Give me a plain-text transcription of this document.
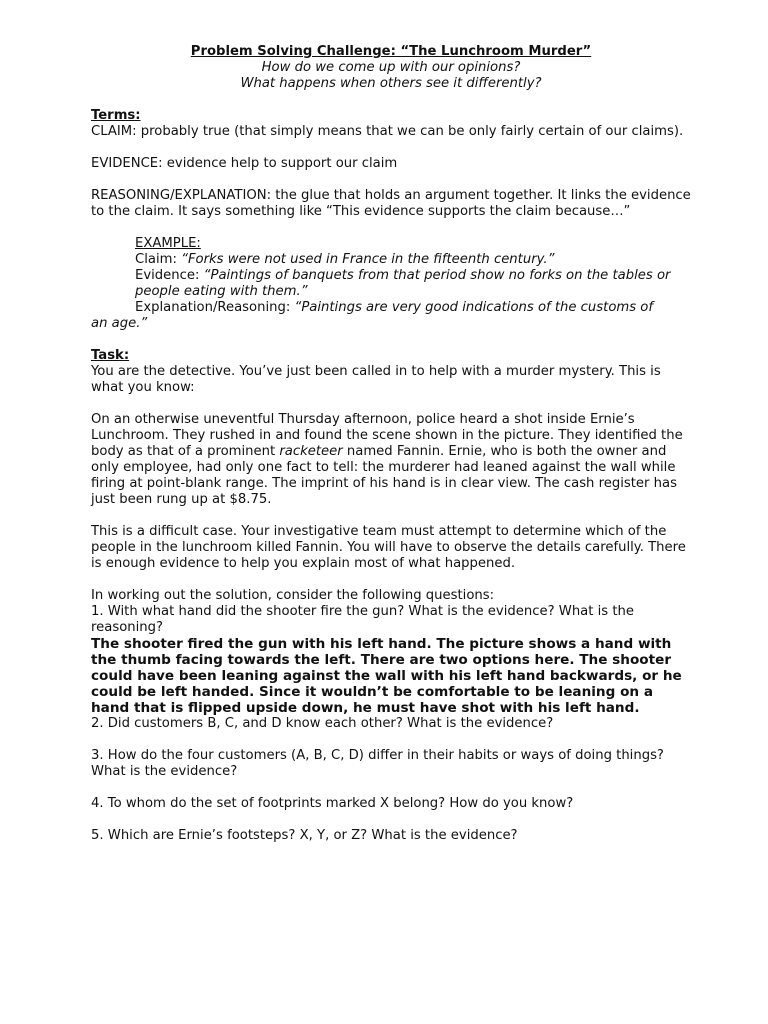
Problem Solving Challenge: “The Lunchroom Murder”

How do we come up with our opinions?

What happens when others see it differently?

Terms:

CLAIM: probably true (that simply means that we can be only fairly certain of our claims).

EVIDENCE: evidence help to support our claim

REASONING/EXPLANATION: the glue that holds an argument together. It links the evidence to the claim. It says something like “This evidence supports the claim because…”

EXAMPLE:

Claim: “Forks were not used in France in the fifteenth century.”

Evidence: “Paintings of banquets from that period show no forks on the tables or people eating with them.”

Explanation/Reasoning: “Paintings are very good indications of the customs of

an age.”

Task:

You are the detective. You’ve just been called in to help with a murder mystery. This is what you know:

On an otherwise uneventful Thursday afternoon, police heard a shot inside Ernie’s Lunchroom. They rushed in and found the scene shown in the picture. They identified the body as that of a prominent racketeer named Fannin. Ernie, who is both the owner and only employee, had only one fact to tell: the murderer had leaned against the wall while firing at point-blank range. The imprint of his hand is in clear view. The cash register has just been rung up at $8.75.

This is a difficult case. Your investigative team must attempt to determine which of the people in the lunchroom killed Fannin. You will have to observe the details carefully. There is enough evidence to help you explain most of what happened.

In working out the solution, consider the following questions:

1. With what hand did the shooter fire the gun? What is the evidence? What is the reasoning?

The shooter fired the gun with his left hand. The picture shows a hand with the thumb facing towards the left. There are two options here. The shooter could have been leaning against the wall with his left hand backwards, or he could be left handed. Since it wouldn’t be comfortable to be leaning on a hand that is flipped upside down, he must have shot with his left hand.

2. Did customers B, C, and D know each other? What is the evidence?

3. How do the four customers (A, B, C, D) differ in their habits or ways of doing things? What is the evidence?

4. To whom do the set of footprints marked X belong? How do you know?

5. Which are Ernie’s footsteps? X, Y, or Z? What is the evidence?
